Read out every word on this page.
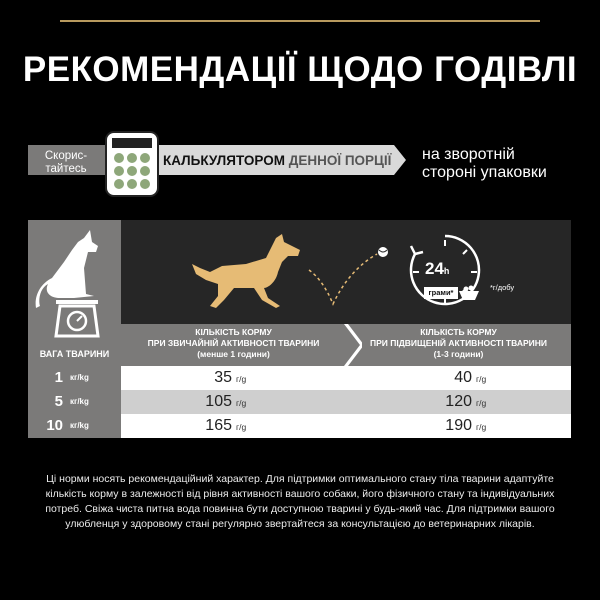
РЕКОМЕНДАЦІЇ ЩОДО ГОДІВЛІ
Скорис-
тайтесь
КАЛЬКУЛЯТОРОМ ДЕННОЇ ПОРЦІЇ на зворотній
стороні упаковки
24h
грами*
*г/добу
КІЛЬКІСТЬ КОРМУ
ПРИ ЗВИЧАЙНІЙ АКТИВНОСТІ ТВАРИНИ
(менше 1 години)
КІЛЬКІСТЬ КОРМУ
ПРИ ПІДВИЩЕНІЙ АКТИВНОСТІ ТВАРИНИ
(1-3 години)
ВАГА ТВАРИНИ
1 кг/kg
5 кг/kg
10 кг/kg
35 г/g
105 г/g
165 г/g
40 г/g
120 г/g
190 г/g
Ці норми носять рекомендаційний характер. Для підтримки оптимального стану тіла тварини адаптуйте
кількість корму в залежності від рівня активності вашого собаки, його фізичного стану та індивідуальних
потреб. Свіжа чиста питна вода повинна бути доступною тварині у будь-який час. Для підтримки вашого
улюбленця у здоровому стані регулярно звертайтеся за консультацією до ветеринарних лікарів.
